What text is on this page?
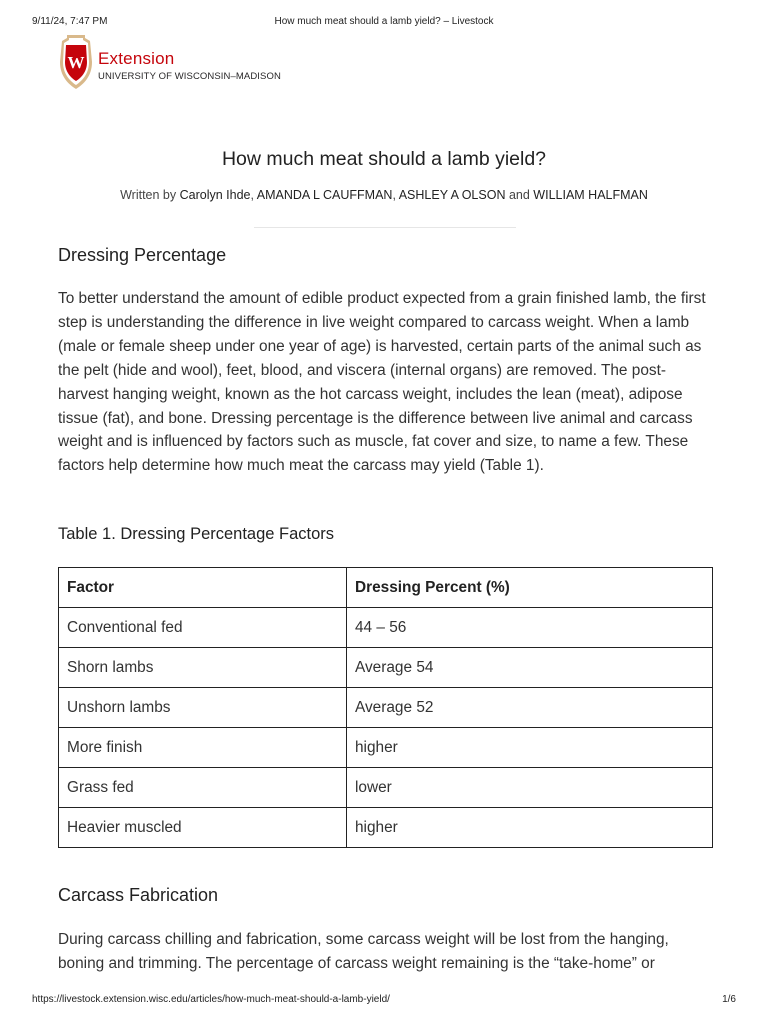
9/11/24, 7:47 PM	How much meat should a lamb yield? – Livestock
W Extension
UNIVERSITY OF WISCONSIN–MADISON
How much meat should a lamb yield?
Written by Carolyn Ihde, AMANDA L CAUFFMAN, ASHLEY A OLSON and WILLIAM HALFMAN
Dressing Percentage

To better understand the amount of edible product expected from a grain finished lamb, the first step is understanding the difference in live weight compared to carcass weight. When a lamb (male or female sheep under one year of age) is harvested, certain parts of the animal such as the pelt (hide and wool), feet, blood, and viscera (internal organs) are removed. The post-harvest hanging weight, known as the hot carcass weight, includes the lean (meat), adipose tissue (fat), and bone. Dressing percentage is the difference between live animal and carcass weight and is influenced by factors such as muscle, fat cover and size, to name a few. These factors help determine how much meat the carcass may yield (Table 1).

Table 1. Dressing Percentage Factors
Factor	Dressing Percent (%)
Conventional fed	44 – 56
Shorn lambs	Average 54
Unshorn lambs	Average 52
More finish	higher
Grass fed	lower
Heavier muscled	higher
Carcass Fabrication

During carcass chilling and fabrication, some carcass weight will be lost from the hanging, boning and trimming. The percentage of carcass weight remaining is the “take-home” or

https://livestock.extension.wisc.edu/articles/how-much-meat-should-a-lamb-yield/	1/6
